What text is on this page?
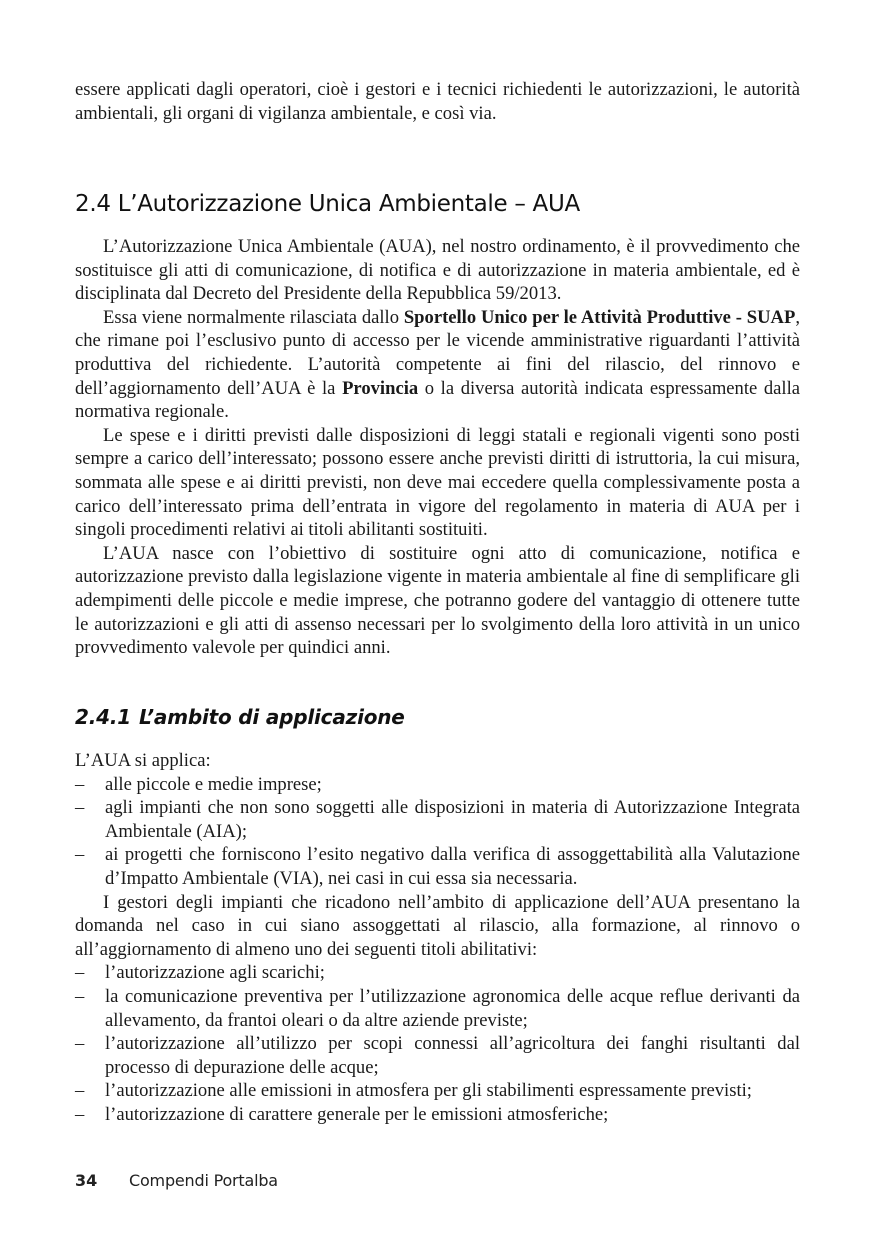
essere applicati dagli operatori, cioè i gestori e i tecnici richiedenti le autorizzazioni, le autorità ambientali, gli organi di vigilanza ambientale, e così via.

2.4 L’Autorizzazione Unica Ambientale – AUA

L’Autorizzazione Unica Ambientale (AUA), nel nostro ordinamento, è il provvedimento che sostituisce gli atti di comunicazione, di notifica e di autorizzazione in materia ambientale, ed è disciplinata dal Decreto del Presidente della Repubblica 59/2013.

Essa viene normalmente rilasciata dallo Sportello Unico per le Attività Produttive - SUAP, che rimane poi l’esclusivo punto di accesso per le vicende amministrative riguardanti l’attività produttiva del richiedente. L’autorità competente ai fini del rilascio, del rinnovo e dell’aggiornamento dell’AUA è la Provincia o la diversa autorità indicata espressamente dalla normativa regionale.

Le spese e i diritti previsti dalle disposizioni di leggi statali e regionali vigenti sono posti sempre a carico dell’interessato; possono essere anche previsti diritti di istruttoria, la cui misura, sommata alle spese e ai diritti previsti, non deve mai eccedere quella complessivamente posta a carico dell’interessato prima dell’entrata in vigore del regolamento in materia di AUA per i singoli procedimenti relativi ai titoli abilitanti sostituiti.

L’AUA nasce con l’obiettivo di sostituire ogni atto di comunicazione, notifica e autorizzazione previsto dalla legislazione vigente in materia ambientale al fine di semplificare gli adempimenti delle piccole e medie imprese, che potranno godere del vantaggio di ottenere tutte le autorizzazioni e gli atti di assenso necessari per lo svolgimento della loro attività in un unico provvedimento valevole per quindici anni.

2.4.1 L’ambito di applicazione

L’AUA si applica:

– alle piccole e medie imprese;
– agli impianti che non sono soggetti alle disposizioni in materia di Autorizzazione Integrata Ambientale (AIA);
– ai progetti che forniscono l’esito negativo dalla verifica di assoggettabilità alla Valutazione d’Impatto Ambientale (VIA), nei casi in cui essa sia necessaria.

I gestori degli impianti che ricadono nell’ambito di applicazione dell’AUA presentano la domanda nel caso in cui siano assoggettati al rilascio, alla formazione, al rinnovo o all’aggiornamento di almeno uno dei seguenti titoli abilitativi:

– l’autorizzazione agli scarichi;
– la comunicazione preventiva per l’utilizzazione agronomica delle acque reflue derivanti da allevamento, da frantoi oleari o da altre aziende previste;
– l’autorizzazione all’utilizzo per scopi connessi all’agricoltura dei fanghi risultanti dal processo di depurazione delle acque;
– l’autorizzazione alle emissioni in atmosfera per gli stabilimenti espressamente previsti;
– l’autorizzazione di carattere generale per le emissioni atmosferiche;
34 Compendi Portalba
